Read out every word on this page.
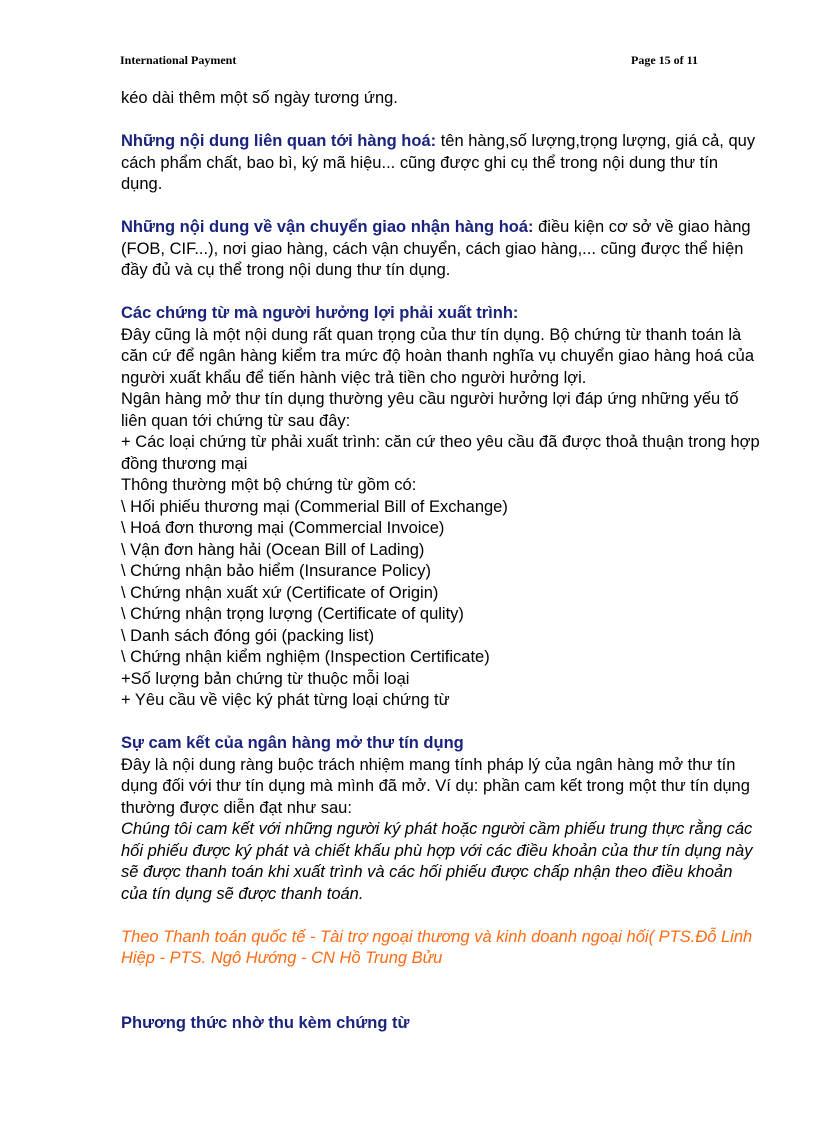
International Payment	Page 15 of 11

kéo dài thêm một số ngày tương ứng.

Những nội dung liên quan tới hàng hoá: tên hàng,số lượng,trọng lượng, giá cả, quy cách phẩm chất, bao bì, ký mã hiệu... cũng được ghi cụ thể trong nội dung thư tín dụng.

Những nội dung về vận chuyển giao nhận hàng hoá: điều kiện cơ sở về giao hàng (FOB, CIF...), nơi giao hàng, cách vận chuyển, cách giao hàng,... cũng được thể hiện đầy đủ và cụ thể trong nội dung thư tín dụng.

Các chứng từ mà người hưởng lợi phải xuất trình:

Đây cũng là một nội dung rất quan trọng của thư tín dụng. Bộ chứng từ thanh toán là căn cứ để ngân hàng kiểm tra mức độ hoàn thanh nghĩa vụ chuyển giao hàng hoá của người xuất khẩu để tiến hành việc trả tiền cho người hưởng lợi.

Ngân hàng mở thư tín dụng thường yêu cầu người hưởng lợi đáp ứng những yếu tố liên quan tới chứng từ sau đây:

+ Các loại chứng từ phải xuất trình: căn cứ theo yêu cầu đã được thoả thuận trong hợp đồng thương mại

Thông thường một bộ chứng từ gồm có:

\ Hối phiếu thương mại (Commerial Bill of Exchange)

\ Hoá đơn thương mại (Commercial Invoice)

\ Vận đơn hàng hải (Ocean Bill of Lading)

\ Chứng nhận bảo hiểm (Insurance Policy)

\ Chứng nhận xuất xứ (Certificate of Origin)

\ Chứng nhận trọng lượng (Certificate of qulity)

\ Danh sách đóng gói (packing list)

\ Chứng nhận kiểm nghiệm (Inspection Certificate)

+Số lượng bản chứng từ thuộc mỗi loại

+ Yêu cầu về việc ký phát từng loại chứng từ

Sự cam kết của ngân hàng mở thư tín dụng

Đây là nội dung ràng buộc trách nhiệm mang tính pháp lý của ngân hàng mở thư tín dụng đối với thư tín dụng mà mình đã mở. Ví dụ: phần cam kết trong một thư tín dụng thường được diễn đạt như sau:

Chúng tôi cam kết với những người ký phát hoặc người cầm phiếu trung thực rằng các hối phiếu được ký phát và chiết khấu phù hợp với các điều khoản của thư tín dụng này sẽ được thanh toán khi xuất trình và các hối phiếu được chấp nhận theo điều khoản của tín dụng sẽ được thanh toán.

Theo Thanh toán quốc tế - Tài trợ ngoại thương và kinh doanh ngoại hối( PTS.Đỗ Linh Hiệp - PTS. Ngô Hướng - CN Hồ Trung Bửu

Phương thức nhờ thu kèm chứng từ
